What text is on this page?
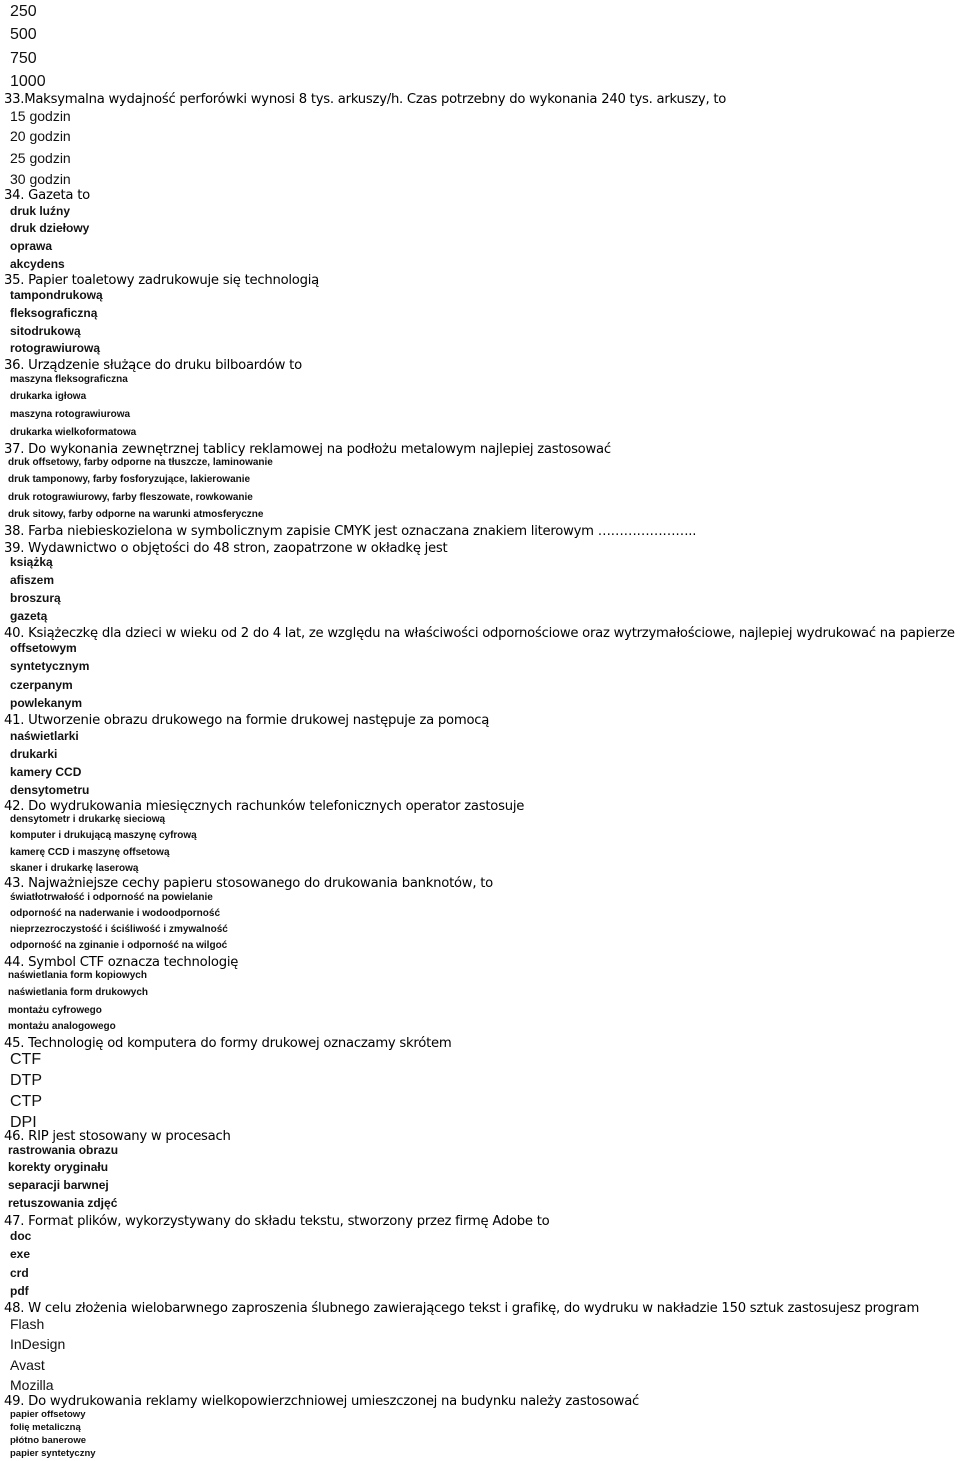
250
500
750
1000
33.Maksymalna wydajność perforówki wynosi 8 tys. arkuszy/h. Czas potrzebny do wykonania 240 tys. arkuszy, to
15 godzin
20 godzin
25 godzin
30 godzin
34. Gazeta to
druk luźny
druk dziełowy
oprawa
akcydens
35. Papier toaletowy zadrukowuje się technologią
tampondrukową
fleksograficzną
sitodrukową
rotograwiurową
36. Urządzenie służące do druku bilboardów to
maszyna fleksograficzna
drukarka igłowa
maszyna rotograwiurowa
drukarka wielkoformatowa
37. Do wykonania zewnętrznej tablicy reklamowej na podłożu metalowym najlepiej zastosować
druk offsetowy, farby odporne na tłuszcze, laminowanie
druk tamponowy, farby fosforyzujące, lakierowanie
druk rotograwiurowy, farby fleszowate, rowkowanie
druk sitowy, farby odporne na warunki atmosferyczne
38. Farba niebieskozielona w symbolicznym zapisie CMYK jest oznaczana znakiem literowym …………………..
39. Wydawnictwo o objętości do 48 stron, zaopatrzone w okładkę jest
książką
afiszem
broszurą
gazetą
40. Książeczkę dla dzieci w wieku od 2 do 4 lat, ze względu na właściwości odpornościowe oraz wytrzymałościowe, najlepiej wydrukować na papierze
offsetowym
syntetycznym
czerpanym
powlekanym
41. Utworzenie obrazu drukowego na formie drukowej następuje za pomocą
naświetlarki
drukarki
kamery CCD
densytometru
42. Do wydrukowania miesięcznych rachunków telefonicznych operator zastosuje
densytometr i drukarkę sieciową
komputer i drukującą maszynę cyfrową
kamerę CCD i maszynę offsetową
skaner i drukarkę laserową
43. Najważniejsze cechy papieru stosowanego do drukowania banknotów, to
światłotrwałość i odporność na powielanie
odporność na naderwanie i wodoodporność
nieprzezroczystość i ściśliwość i zmywalność
odporność na zginanie i odporność na wilgoć
44. Symbol CTF oznacza technologię
naświetlania form kopiowych
naświetlania form drukowych
montażu cyfrowego
montażu analogowego
45. Technologię od komputera do formy drukowej oznaczamy skrótem
CTF
DTP
CTP
DPI
46. RIP jest stosowany w procesach
rastrowania obrazu
korekty oryginału
separacji barwnej
retuszowania zdjęć
47. Format plików, wykorzystywany do składu tekstu, stworzony przez firmę Adobe to
doc
exe
crd
pdf
48. W celu złożenia wielobarwnego zaproszenia ślubnego zawierającego tekst i grafikę, do wydruku w nakładzie 150 sztuk zastosujesz program
Flash
InDesign
Avast
Mozilla
49. Do wydrukowania reklamy wielkopowierzchniowej umieszczonej na budynku należy zastosować
papier offsetowy
folię metaliczną
płótno banerowe
papier syntetyczny
